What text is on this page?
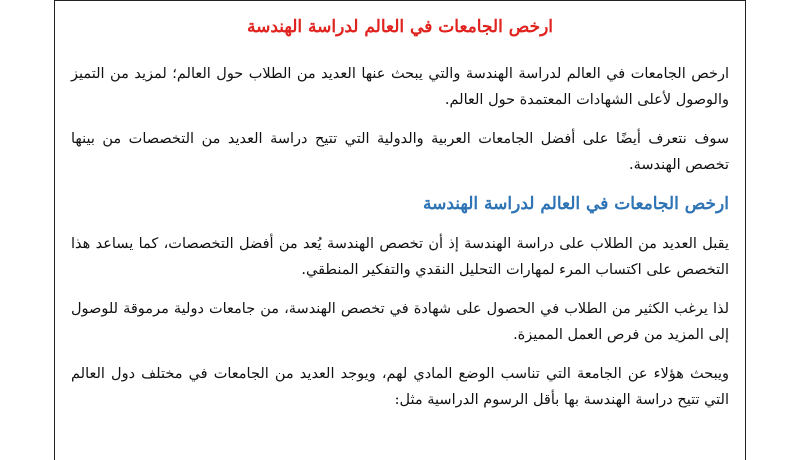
ارخص الجامعات في العالم لدراسة الهندسة

ارخص الجامعات في العالم لدراسة الهندسة والتي يبحث عنها العديد من الطلاب حول العالم؛ لمزيد من التميز والوصول لأعلى الشهادات المعتمدة حول العالم.

سوف نتعرف أيضًا على أفضل الجامعات العربية والدولية التي تتيح دراسة العديد من التخصصات من بينها تخصص الهندسة.

ارخص الجامعات في العالم لدراسة الهندسة

يقبل العديد من الطلاب على دراسة الهندسة إذ أن تخصص الهندسة يُعد من أفضل التخصصات، كما يساعد هذا التخصص على اكتساب المرء لمهارات التحليل النقدي والتفكير المنطقي.

لذا يرغب الكثير من الطلاب في الحصول على شهادة في تخصص الهندسة، من جامعات دولية مرموقة للوصول إلى المزيد من فرص العمل المميزة.

ويبحث هؤلاء عن الجامعة التي تناسب الوضع المادي لهم، ويوجد العديد من الجامعات في مختلف دول العالم التي تتيح دراسة الهندسة بها بأقل الرسوم الدراسية مثل:
